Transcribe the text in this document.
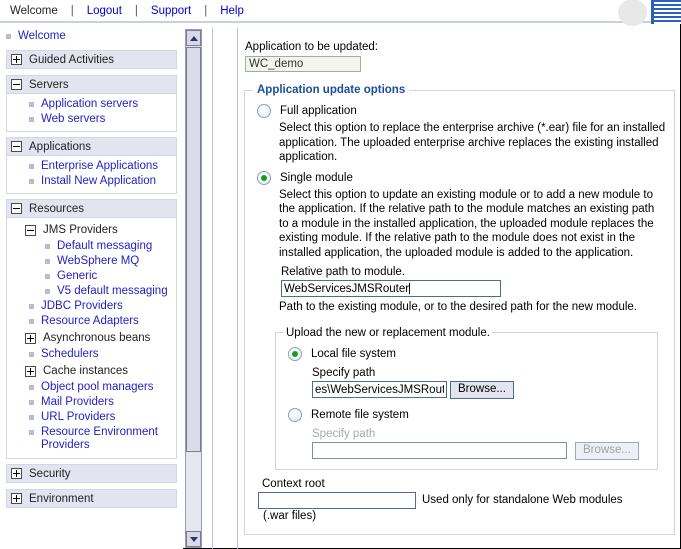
Welcome	|	Logout	|	Support	|	Help
Welcome
Guided Activities
Servers
Application servers
Web servers
Applications
Enterprise Applications
Install New Application
Resources
JMS Providers
Default messaging
WebSphere MQ
Generic
V5 default messaging
JDBC Providers
Resource Adapters
Asynchronous beans
Schedulers
Cache instances
Object pool managers
Mail Providers
URL Providers
Resource Environment Providers
Security
Environment
Application to be updated:
WC_demo
Application update options
Full application
Select this option to replace the enterprise archive (*.ear) file for an installed application. The uploaded enterprise archive replaces the existing installed application.
Single module
Select this option to update an existing module or to add a new module to the application. If the relative path to the module matches an existing path to a module in the installed application, the uploaded module replaces the existing module. If the relative path to the module does not exist in the installed application, the uploaded module is added to the application.
Relative path to module.
WebServicesJMSRouter
Path to the existing module, or to the desired path for the new module.
Upload the new or replacement module.
Local file system
Specify path
es\WebServicesJMSRout
Browse...
Remote file system
Specify path
Browse...
Context root
Used only for standalone Web modules
(.war files)
